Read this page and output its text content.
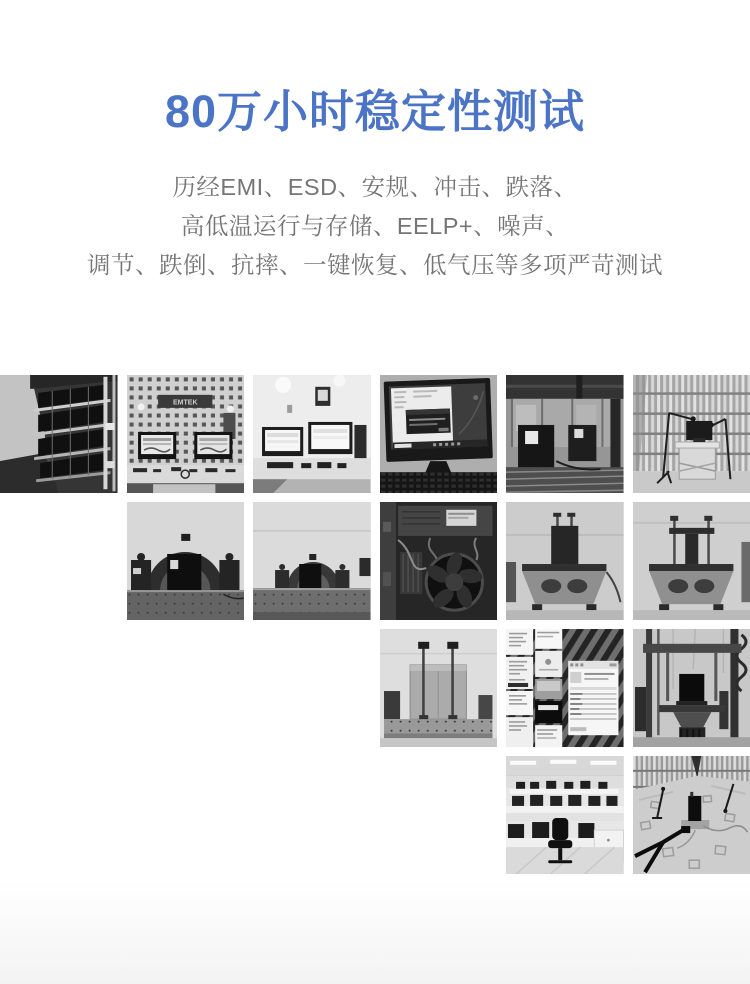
80万小时稳定性测试
历经EMI、ESD、安规、冲击、跌落、
高低温运行与存储、EELP+、噪声、
调节、跌倒、抗摔、一键恢复、低气压等多项严苛测试
EMTEK
